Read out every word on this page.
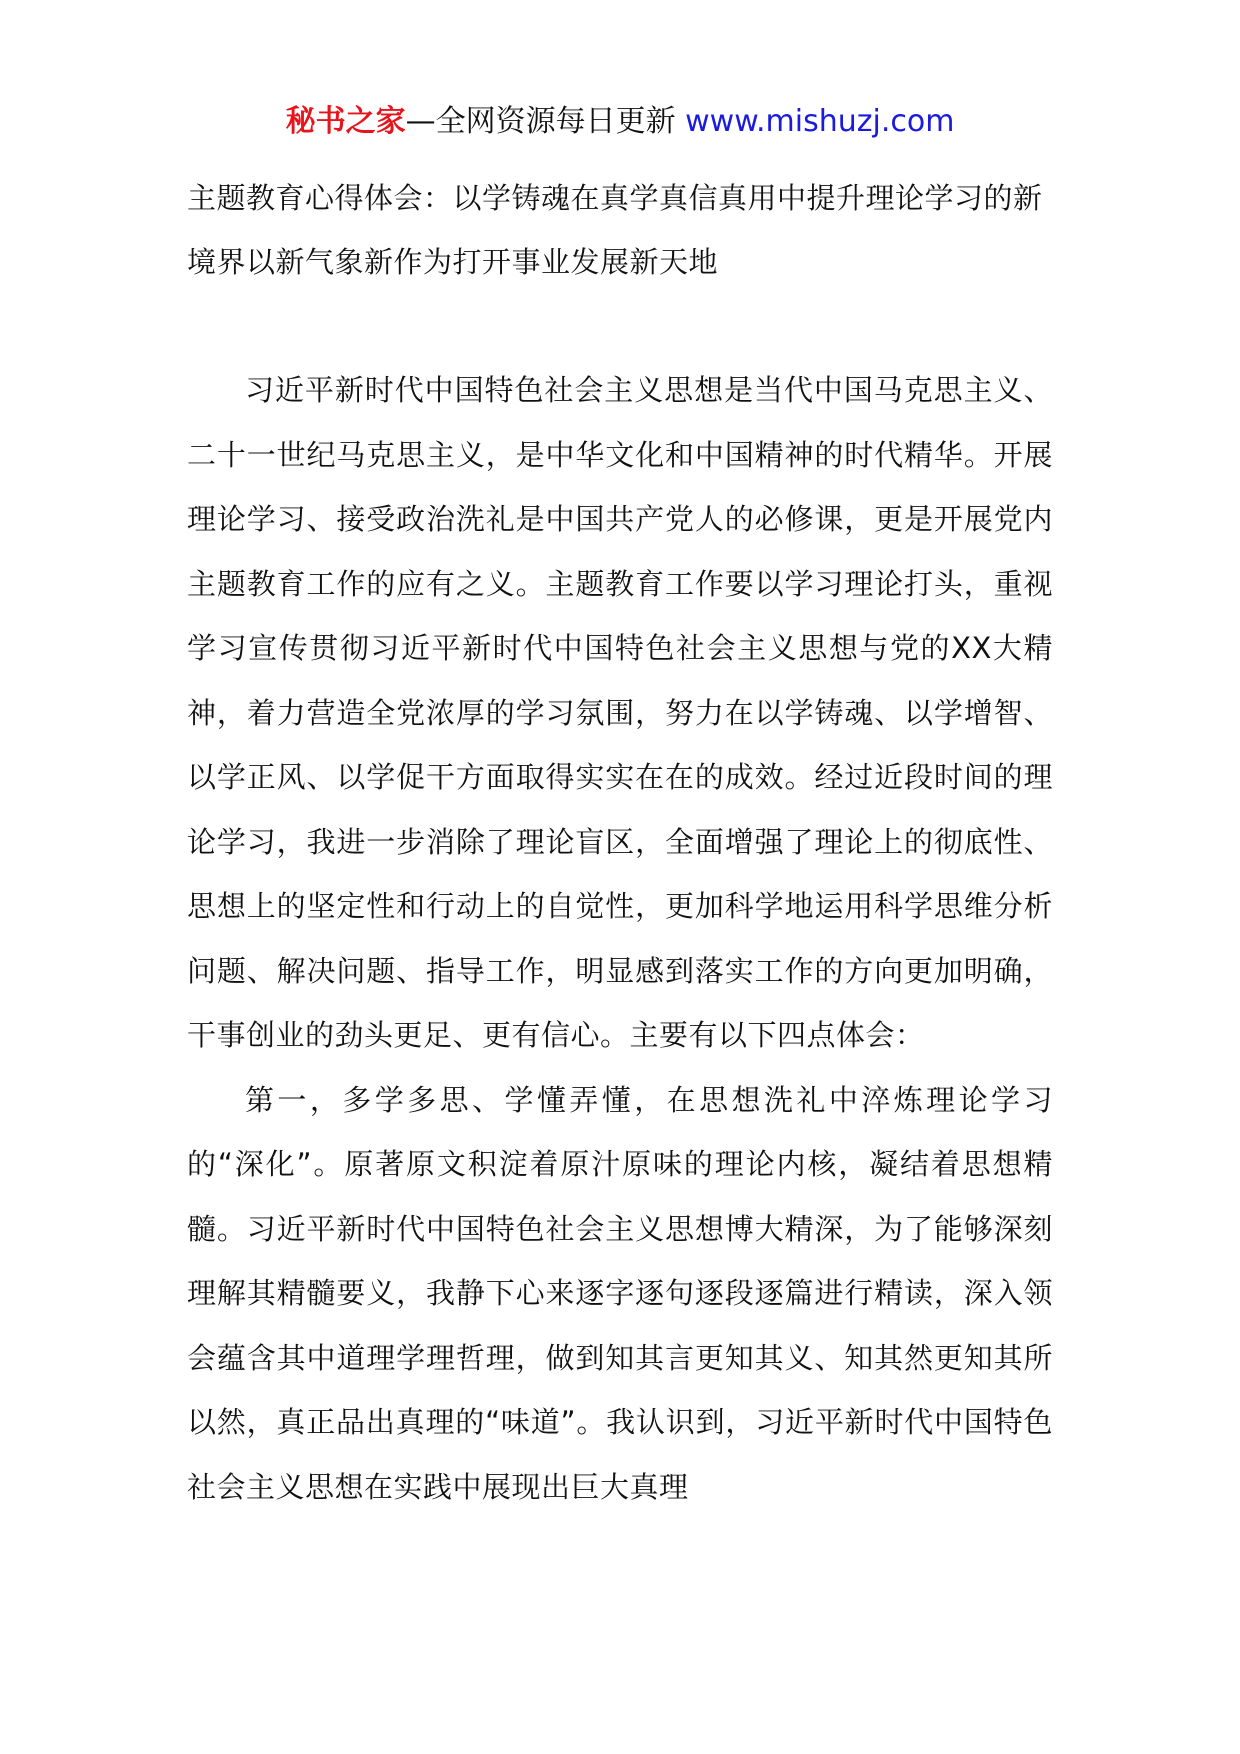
秘书之家—全网资源每日更新 www.mishuzj.com
主题教育心得体会：以学铸魂在真学真信真用中提升理论学习的新境界以新气象新作为打开事业发展新天地

习近平新时代中国特色社会主义思想是当代中国马克思主义、二十一世纪马克思主义，是中华文化和中国精神的时代精华。开展理论学习、接受政治洗礼是中国共产党人的必修课，更是开展党内主题教育工作的应有之义。主题教育工作要以学习理论打头，重视学习宣传贯彻习近平新时代中国特色社会主义思想与党的XX大精神，着力营造全党浓厚的学习氛围，努力在以学铸魂、以学增智、以学正风、以学促干方面取得实实在在的成效。经过近段时间的理论学习，我进一步消除了理论盲区，全面增强了理论上的彻底性、思想上的坚定性和行动上的自觉性，更加科学地运用科学思维分析问题、解决问题、指导工作，明显感到落实工作的方向更加明确，干事创业的劲头更足、更有信心。主要有以下四点体会：

第一，多学多思、学懂弄懂，在思想洗礼中淬炼理论学习的“深化”。原著原文积淀着原汁原味的理论内核，凝结着思想精髓。习近平新时代中国特色社会主义思想博大精深，为了能够深刻理解其精髓要义，我静下心来逐字逐句逐段逐篇进行精读，深入领会蕴含其中道理学理哲理，做到知其言更知其义、知其然更知其所以然，真正品出真理的“味道”。我认识到，习近平新时代中国特色社会主义思想在实践中展现出巨大真理
